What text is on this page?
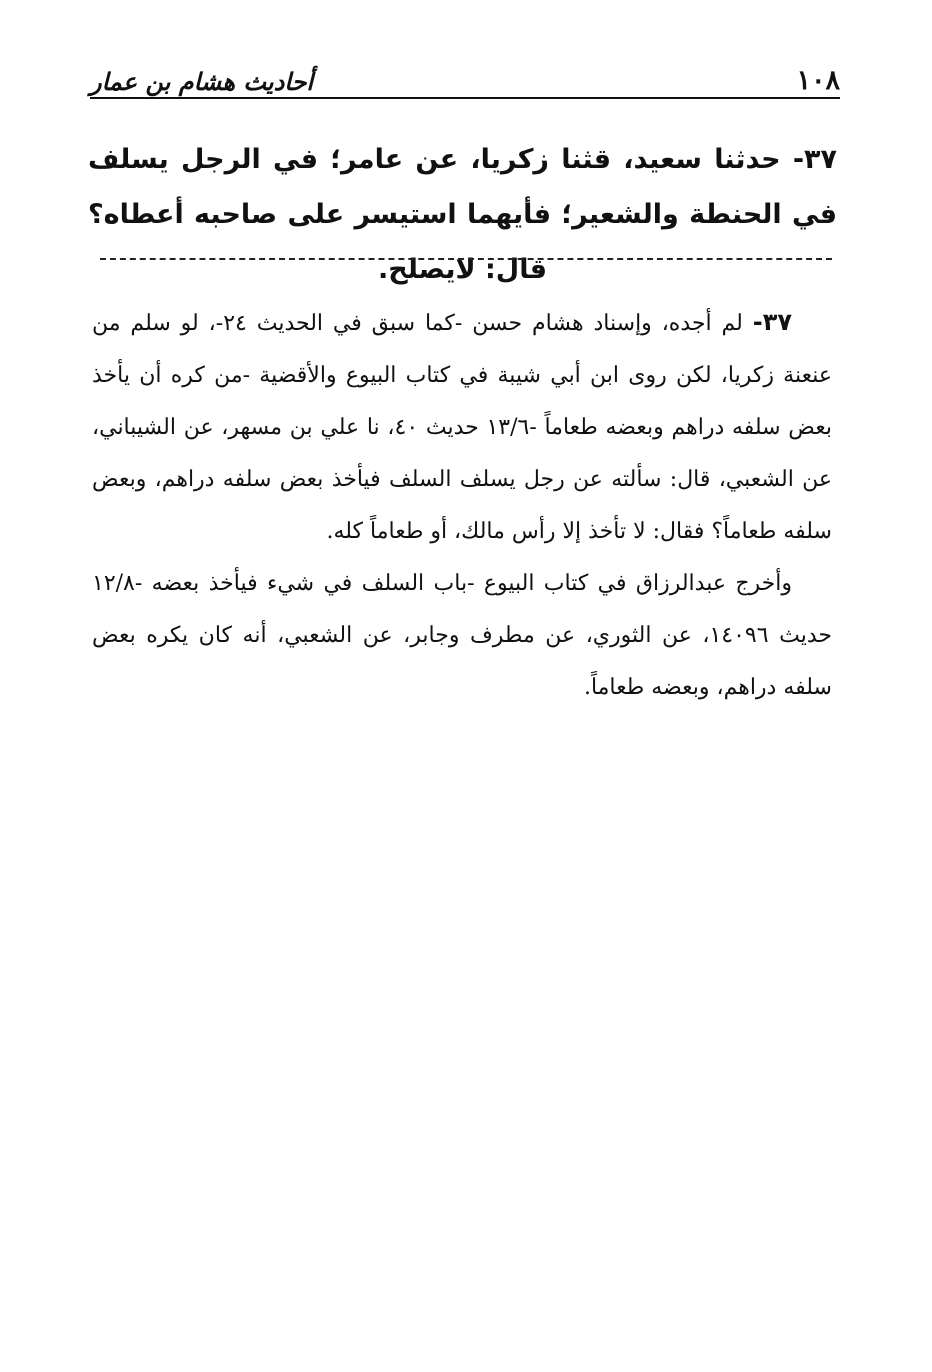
١٠٨
أحاديث هشام بن عمار
٣٧- حدثنا سعيد، قثنا زكريا، عن عامر؛ في الرجل يسلف في الحنطة والشعير؛ فأيهما استيسر على صاحبه أعطاه؟ قال: لايصلح.

٣٧- لم أجده، وإسناد هشام حسن -كما سبق في الحديث ٢٤-، لو سلم من عنعنة زكريا، لكن روى ابن أبي شيبة في كتاب البيوع والأقضية -من كره أن يأخذ بعض سلفه دراهم وبعضه طعاماً -١٣/٦ حديث ٤٠، نا علي بن مسهر، عن الشيباني، عن الشعبي، قال: سألته عن رجل يسلف السلف فيأخذ بعض سلفه دراهم، وبعض سلفه طعاماً؟ فقال: لا تأخذ إلا رأس مالك، أو طعاماً كله.

وأخرج عبدالرزاق في كتاب البيوع -باب السلف في شيء فيأخذ بعضه -١٢/٨ حديث ١٤٠٩٦، عن الثوري، عن مطرف وجابر، عن الشعبي، أنه كان يكره بعض سلفه دراهم، وبعضه طعاماً.
